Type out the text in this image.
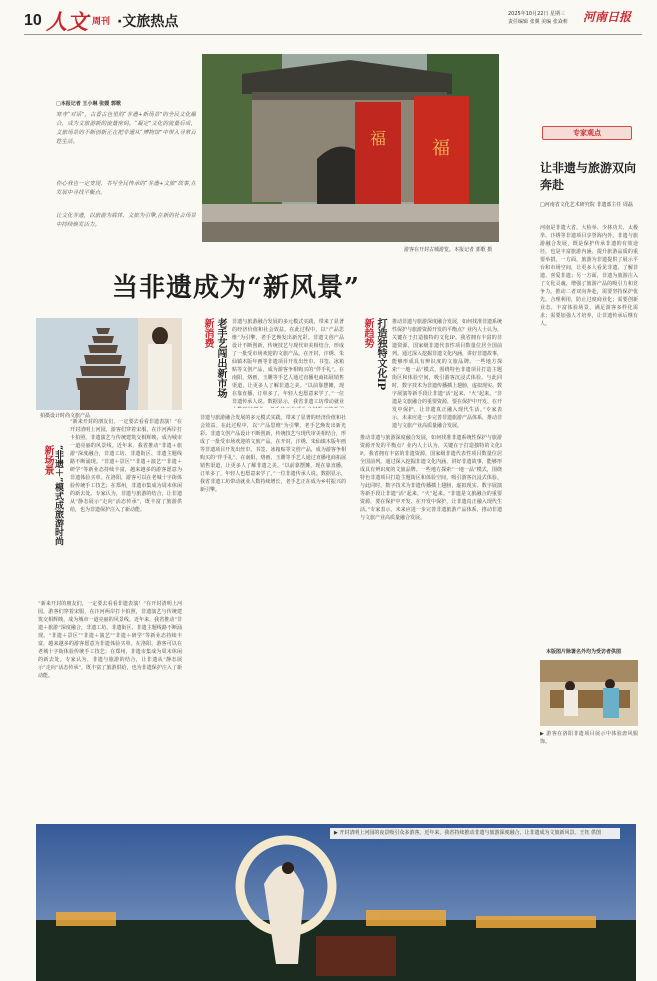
10 人文 周刊 ·文旅热点	2025年10月22日 星期三
责任编辑 张翼 美编 张焱莉 河南日报
□本报记者 王小琳 张媛 郭歌
寒寺“对话”，古香古色里的“非遗+新场景”的全民文化融合，成为文旅游新的流量密码。“凝定”文化的流量后成，文旅场景的不断创新正在把非遗从“博物馆”中带入寻常百姓生活。
你心我也一定变现，书写全民传承的“非遗+文旅”故事,在发展中寻找平衡点。
让文化非遗，以旅游为载体，文旅为引擎,在新的社会场景中持续焕发活力。
福	福
游客在开封古城游览。本报记者 郭歌 摄
当非遗成为“新风景”
拍摄设计时尚文旅产品
新场景 “非遗＋”模式成旅游时尚
“新来开封的朋友们，一定要去看看非遗表演！”在开封清明上河园，游客们穿着宋服，在汴河两岸打卡拍照，非遗演艺与传统建筑交相辉映，成为城市一道亮丽的风景线。近年来，我省推动“非遗＋旅游”深度融合，非遗工坊、非遗街区、非遗主题线路不断涌现。“非遗＋景区”“非遗＋演艺”“非遗＋研学”等新业态持续丰富，越来越多的游客愿意为非遗体验买单。在洛阳，游客可以在老城十字街体验传统手工技艺；在郑州，非遗市集成为周末休闲的新去处。专家认为，非遗与旅游的结合，让非遗从“静态展示”走向“活态传承”，既丰富了旅游供给，也为非遗保护注入了新动能。
“新来开封的朋友们，一定要去看看非遗表演！”在开封清明上河园，游客们穿着宋服，在汴河两岸打卡拍照，非遗演艺与传统建筑交相辉映，成为城市一道亮丽的风景线。近年来，我省推动“非遗＋旅游”深度融合，非遗工坊、非遗街区、非遗主题线路不断涌现。“非遗＋景区”“非遗＋演艺”“非遗＋研学”等新业态持续丰富，越来越多的游客愿意为非遗体验买单。在洛阳，游客可以在老城十字街体验传统手工技艺；在郑州，非遗市集成为周末休闲的新去处。专家认为，非遗与旅游的结合，让非遗从“静态展示”走向“活态传承”，既丰富了旅游供给，也为非遗保护注入了新动能。
新消费 老手艺闯出新市场	非遗与旅游融合发展的多元模式实践，带来了显著的经济价值和社会效益。在此过程中，以“产品思维”为引擎，老手艺焕发出新光彩。非遗文创产品设计不断创新，传统技艺与现代审美相结合，形成了一批受市场欢迎的文旅产品。在开封，汴绣、朱仙镇木版年画等非遗项目开发出丝巾、书签、冰箱贴等文创产品，成为游客争相购买的“伴手礼”。在南阳，烙画、玉雕等手艺人通过直播电商拓展销售渠道，让更多人了解非遗之美。“以前靠摆摊，现在靠直播，订单多了，年轻人也愿意来学了。”一位非遗传承人说。数据显示，我省非遗工坊带动就业
非遗与旅游融合发展的多元模式实践，带来了显著的经济价值和社会效益。在此过程中，以“产品思维”为引擎，老手艺焕发出新光彩。非遗文创产品设计不断创新，传统技艺与现代审美相结合，形成了一批受市场欢迎的文旅产品。在开封，汴绣、朱仙镇木版年画等非遗项目开发出丝巾、书签、冰箱贴等文创产品，成为游客争相购买的“伴手礼”。在南阳，烙画、玉雕等手艺人通过直播电商拓展销售渠道，让更多人了解非遗之美。“以前靠摆摊，现在靠直播，订单多了，年轻人也愿意来学了。”一位非遗传承人说。数据显示，我省非遗工坊带动就业人数持续增长，老手艺正在成为乡村振兴的新引擎。
新趋势 打造独特文化IP	推动非遗与旅游深度融合发展，如何找准非遗系统性保护与旅游资源开发的平衡点？业内人士认为，关键在于打造独特的文化IP。我省拥有丰富的非遗资源，国家级非遗代表性项目数量位居全国前列。通过深入挖掘非遗文化内涵，讲好非遗故事，能够形成具有辨识度的文旅品牌。一些地方探索“一地一品”模式，围绕特色非遗项目打造主题街区和体验空间，吸引游客沉浸式体验。与此同时，数字技术为非遗传播插上翅膀，虚拟现实、数字展演等新手段让非遗“活”起来、“火”起来。“非遗是文旅融合的重要资源，要在保护中开发、在开发中保护，让非遗真正融入现代生活。”专家表示，未来应进一步完善非遗旅游产品体系，推动非遗与文旅产业高质量融合发展。
推动非遗与旅游深度融合发展，如何找准非遗系统性保护与旅游资源开发的平衡点？业内人士认为，关键在于打造独特的文化IP。我省拥有丰富的非遗资源，国家级非遗代表性项目数量位居全国前列。通过深入挖掘非遗文化内涵，讲好非遗故事，能够形成具有辨识度的文旅品牌。一些地方探索“一地一品”模式，围绕特色非遗项目打造主题街区和体验空间，吸引游客沉浸式体验。与此同时，数字技术为非遗传播插上翅膀，虚拟现实、数字展演等新手段让非遗“活”起来、“火”起来。“非遗是文旅融合的重要资源，要在保护中开发、在开发中保护，让非遗真正融入现代生活。”专家表示，未来应进一步完善非遗旅游产品体系，推动非遗与文旅产业高质量融合发展。
专家观点
让非遗与旅游双向奔赴
□河南省文化艺术研究院 非遗部主任 周磊
河南是非遗大省，大检举、少林功夫、太极拳、汴绣等非遗项目享誉海内外。非遗与旅游融合发展，既是保护传承非遗的有效途径，也是丰富旅游内涵、提升旅游品质的重要举措。一方面，旅游为非遗提供了展示平台和市场空间，让更多人看见非遗、了解非遗、喜爱非遗；另一方面，非遗为旅游注入了文化灵魂，增强了旅游产品的吸引力和竞争力。推动二者双向奔赴，需要坚持保护优先、合理利用，防止过度商业化；需要创新业态，丰富体验场景，满足游客多样化需求；需要加强人才培养，让非遗传承后继有人。
本版图片除署名外均为受访者供图
▶ 游客在洛阳非遗项目展示中体验唐风服饰。
▶ 开封清明上河园的夜景吸引众多游客。近年来，我省持续推动非遗与旅游深度融合，让非遗成为文旅新风景。王钰 供图
